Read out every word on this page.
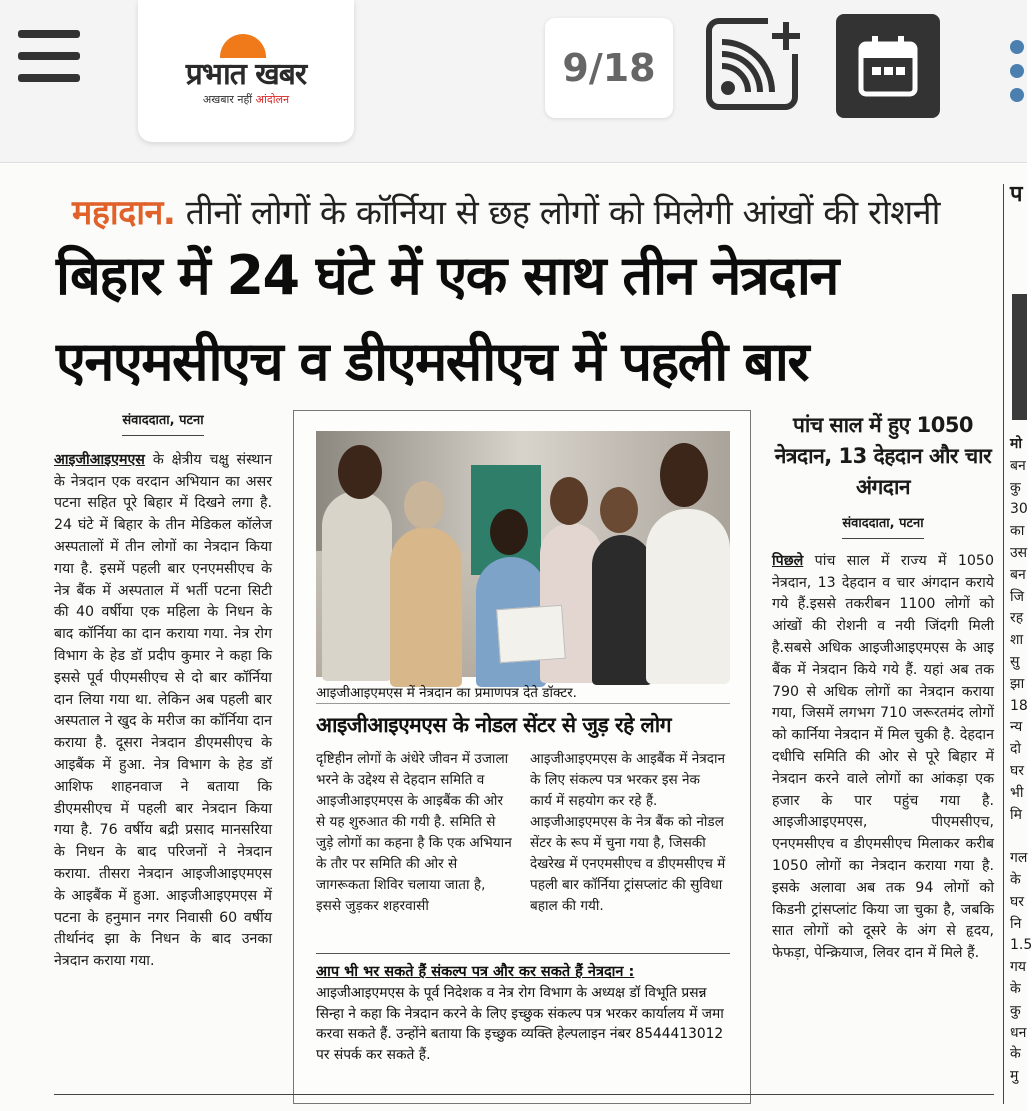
प्रभात खबर
अखबार नहीं आंदोलन
9/18
महादान. तीनों लोगों के कॉर्निया से छह लोगों को मिलेगी आंखों की रोशनी
बिहार में 24 घंटे में एक साथ तीन नेत्रदान
एनएमसीएच व डीएमसीएच में पहली बार
संवाददाता, पटना

आइजीआइएमएस के क्षेत्रीय चक्षु संस्थान के नेत्रदान एक वरदान अभियान का असर पटना सहित पूरे बिहार में दिखने लगा है. 24 घंटे में बिहार के तीन मेडिकल कॉलेज अस्पतालों में तीन लोगों का नेत्रदान किया गया है. इसमें पहली बार एनएमसीएच के नेत्र बैंक में अस्पताल में भर्ती पटना सिटी की 40 वर्षीया एक महिला के निधन के बाद कॉर्निया का दान कराया गया. नेत्र रोग विभाग के हेड डॉ प्रदीप कुमार ने कहा कि इससे पूर्व पीएमसीएच से दो बार कॉर्निया दान लिया गया था. लेकिन अब पहली बार अस्पताल ने खुद के मरीज का कॉर्निया दान कराया है. दूसरा नेत्रदान डीएमसीएच के आइबैंक में हुआ. नेत्र विभाग के हेड डॉ आशिफ शाहनवाज ने बताया कि डीएमसीएच में पहली बार नेत्रदान किया गया है. 76 वर्षीय बद्री प्रसाद मानसरिया के निधन के बाद परिजनों ने नेत्रदान कराया. तीसरा नेत्रदान आइजीआइएमएस के आइबैंक में हुआ. आइजीआइएमएस में पटना के हनुमान नगर निवासी 60 वर्षीय तीर्थानंद झा के निधन के बाद उनका नेत्रदान कराया गया.

आइजीआइएमएस में नेत्रदान का प्रमाणपत्र देते डॉक्टर.
आइजीआइएमएस के नोडल सेंटर से जुड़ रहे लोग
दृष्टिहीन लोगों के अंधेरे जीवन में उजाला भरने के उद्देश्य से देहदान समिति व आइजीआइएमएस के आइबैंक की ओर से यह शुरुआत की गयी है. समिति से जुड़े लोगों का कहना है कि एक अभियान के तौर पर समिति की ओर से जागरूकता शिविर चलाया जाता है, इससे जुड़कर शहरवासी
आइजीआइएमएस के आइबैंक में नेत्रदान के लिए संकल्प पत्र भरकर इस नेक कार्य में सहयोग कर रहे हैं. आइजीआइएमएस के नेत्र बैंक को नोडल सेंटर के रूप में चुना गया है, जिसकी देखरेख में एनएमसीएच व डीएमसीएच में पहली बार कॉर्निया ट्रांसप्लांट की सुविधा बहाल की गयी.
आप भी भर सकते हैं संकल्प पत्र और कर सकते हैं नेत्रदान :
आइजीआइएमएस के पूर्व निदेशक व नेत्र रोग विभाग के अध्यक्ष डॉ विभूति प्रसन्न सिन्हा ने कहा कि नेत्रदान करने के लिए इच्छुक संकल्प पत्र भरकर कार्यालय में जमा करवा सकते हैं. उन्होंने बताया कि इच्छुक व्यक्ति हेल्पलाइन नंबर 8544413012 पर संपर्क कर सकते हैं.
पांच साल में हुए 1050 नेत्रदान, 13 देहदान और चार अंगदान
संवाददाता, पटना

पिछले पांच साल में राज्य में 1050 नेत्रदान, 13 देहदान व चार अंगदान कराये गये हैं.इससे तकरीबन 1100 लोगों को आंखों की रोशनी व नयी जिंदगी मिली है.सबसे अधिक आइजीआइएमएस के आइ बैंक में नेत्रदान किये गये हैं. यहां अब तक 790 से अधिक लोगों का नेत्रदान कराया गया, जिसमें लगभग 710 जरूरतमंद लोगों को कार्निया नेत्रदान में मिल चुकी है. देहदान दधीचि समिति की ओर से पूरे बिहार में नेत्रदान करने वाले लोगों का आंकड़ा एक हजार के पार पहुंच गया है. आइजीआइएमएस, पीएमसीएच, एनएमसीएच व डीएमसीएच मिलाकर करीब 1050 लोगों का नेत्रदान कराया गया है. इसके अलावा अब तक 94 लोगों को किडनी ट्रांसप्लांट किया जा चुका है, जबकि सात लोगों को दूसरे के अंग से हृदय, फेफड़ा, पेन्क्रियाज, लिवर दान में मिले हैं.

प
मो
बन
कु
30
का
उस
बन
जि
रह
शा
सु
झा
18
न्य
दो
घर
भी
मि

गल
के
घर
नि
1.5
गय
के
कु
धन
के
मु
